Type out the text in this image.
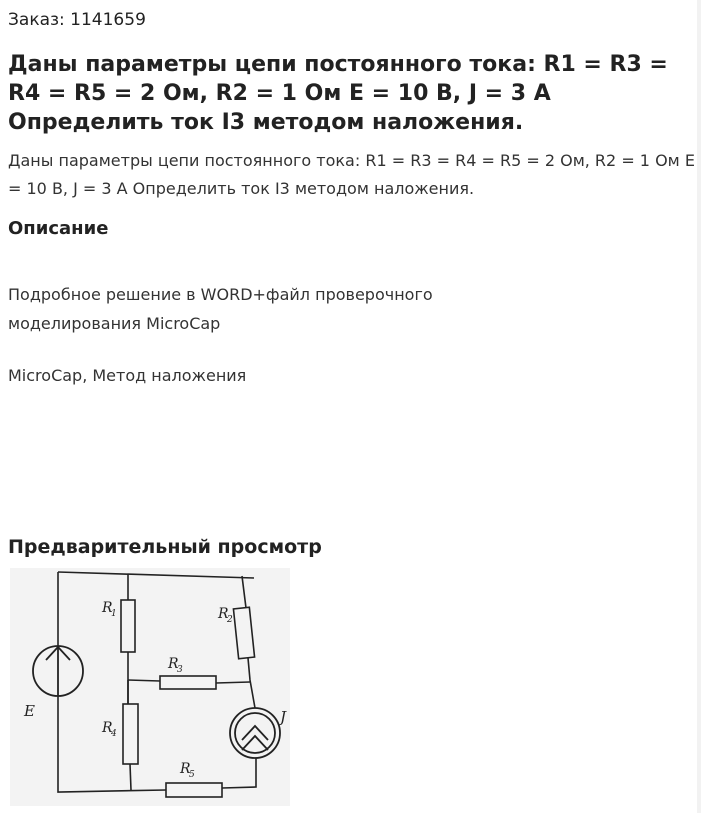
Заказ: 1141659
Даны параметры цепи постоянного тока: R1 = R3 = R4 = R5 = 2 Ом, R2 = 1 Ом E = 10 B, J = 3 A Определить ток I3 методом наложения.
Даны параметры цепи постоянного тока: R1 = R3 = R4 = R5 = 2 Ом, R2 = 1 Ом E = 10 B, J = 3 A Определить ток I3 методом наложения.
Описание
Подробное решение в WORD+файл проверочного моделирования MicroCap
MicroCap, Метод наложения
Предварительный просмотр
R
1	R
2
R
3
R
4
R
5
E	J
